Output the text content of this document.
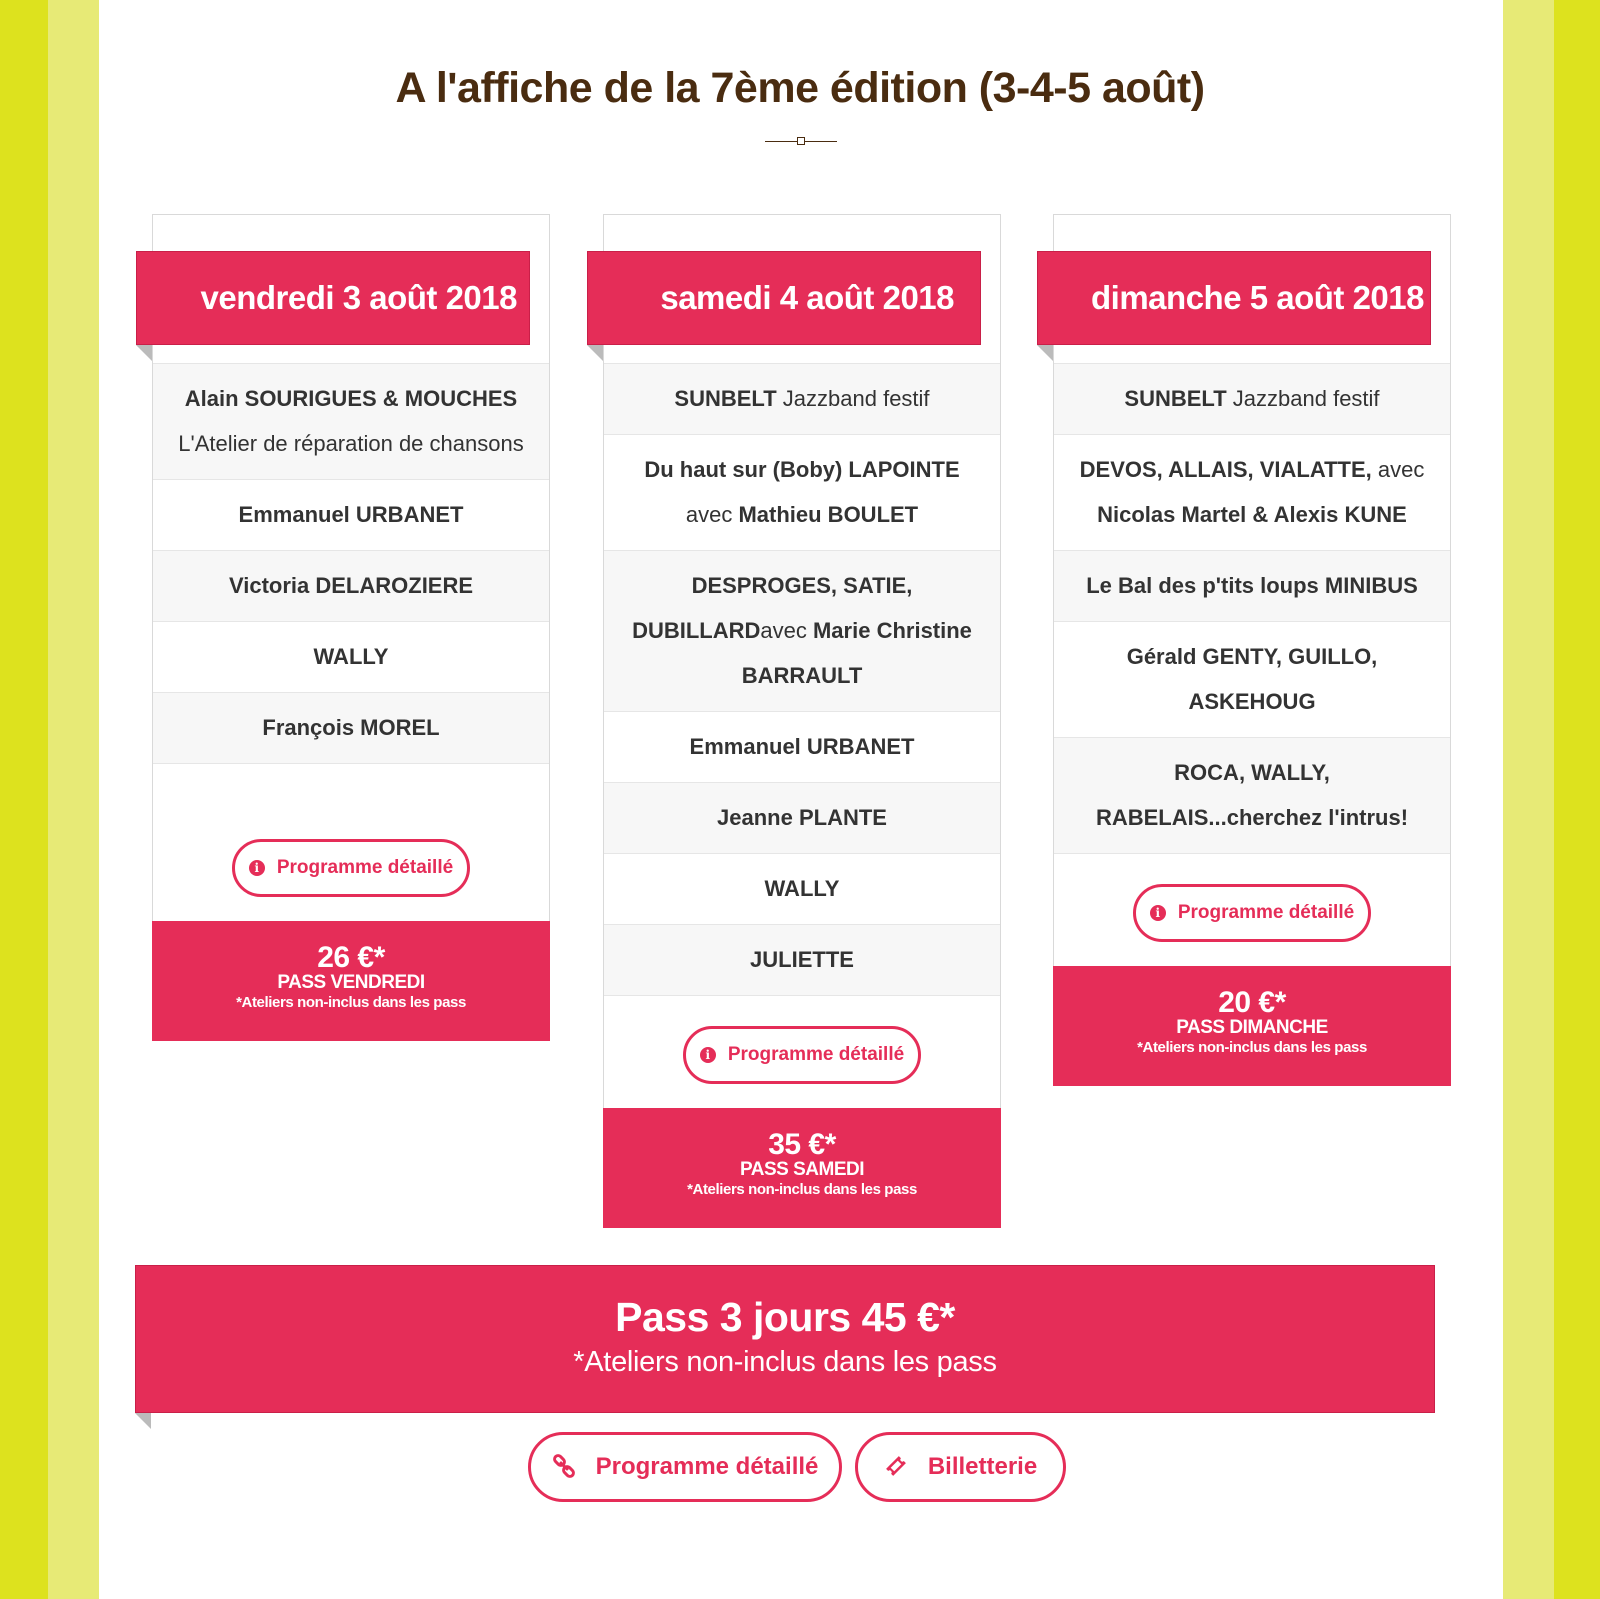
A l'affiche de la 7ème édition (3-4-5 août)
vendredi 3 août 2018
Alain SOURIGUES & MOUCHES
L'Atelier de réparation de chansons
Emmanuel URBANET
Victoria DELAROZIERE
WALLY
François MOREL
i Programme détaillé
26 €*
PASS VENDREDI
*Ateliers non-inclus dans les pass
samedi 4 août 2018
SUNBELT Jazzband festif
Du haut sur (Boby) LAPOINTE
avec Mathieu BOULET
DESPROGES, SATIE, DUBILLARDavec Marie Christine BARRAULT
Emmanuel URBANET
Jeanne PLANTE
WALLY
JULIETTE
i Programme détaillé
35 €*
PASS SAMEDI
*Ateliers non-inclus dans les pass
dimanche 5 août 2018
SUNBELT Jazzband festif
DEVOS, ALLAIS, VIALATTE, avec
Nicolas Martel & Alexis KUNE
Le Bal des p'tits loups MINIBUS
Gérald GENTY, GUILLO, ASKEHOUG
ROCA, WALLY, RABELAIS...cherchez l'intrus!
i Programme détaillé
20 €*
PASS DIMANCHE
*Ateliers non-inclus dans les pass
Pass 3 jours 45 €*
*Ateliers non-inclus dans les pass
Programme détaillé	Billetterie
